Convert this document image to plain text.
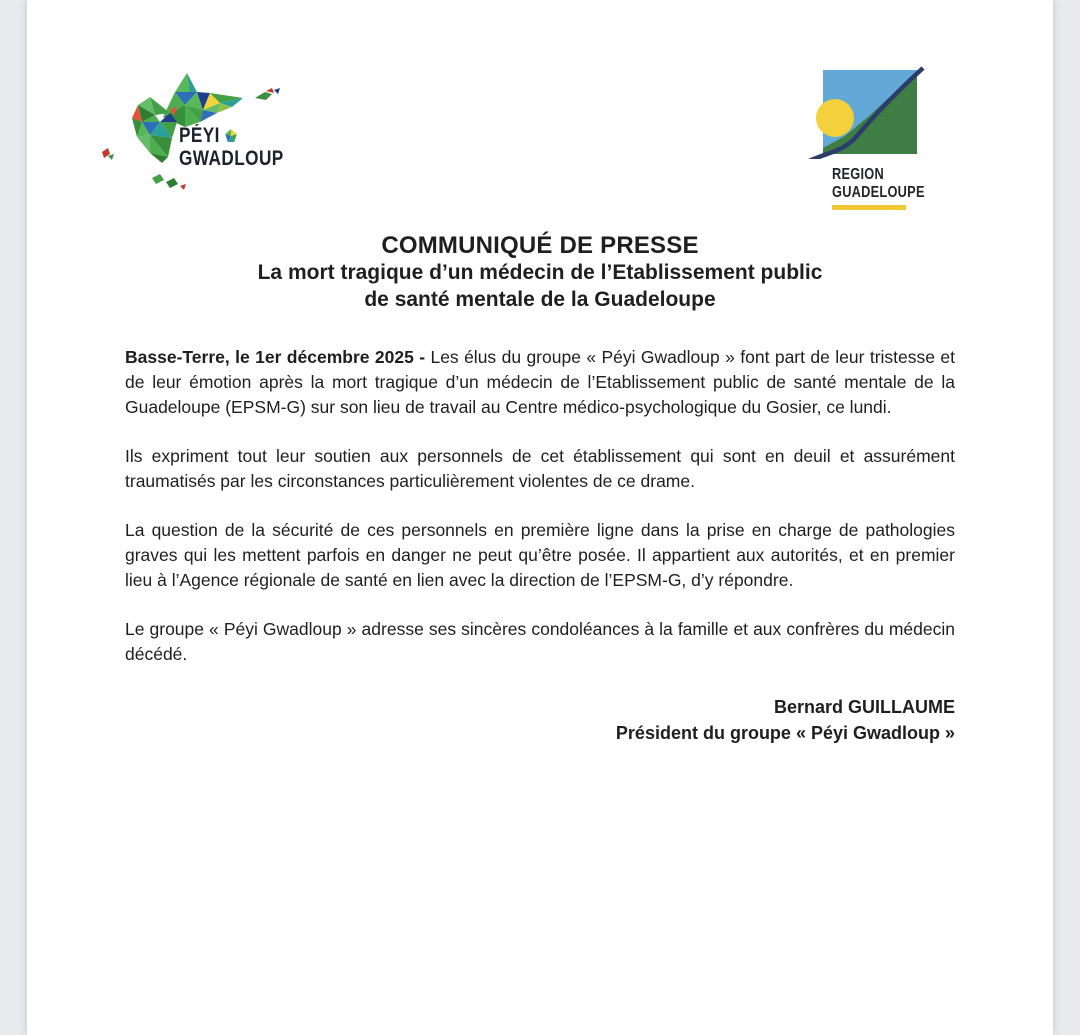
PÉYI
GWADLOUP
REGION
GUADELOUPE
COMMUNIQUÉ DE PRESSE
La mort tragique d’un médecin de l’Etablissement public
de santé mentale de la Guadeloupe

Basse-Terre, le 1er décembre 2025 - Les élus du groupe « Péyi Gwadloup » font part de leur tristesse et de leur émotion après la mort tragique d’un médecin de l’Etablissement public de santé mentale de la Guadeloupe (EPSM-G) sur son lieu de travail au Centre médico-psychologique du Gosier, ce lundi.

Ils expriment tout leur soutien aux personnels de cet établissement qui sont en deuil et assurément traumatisés par les circonstances particulièrement violentes de ce drame.

La question de la sécurité de ces personnels en première ligne dans la prise en charge de pathologies graves qui les mettent parfois en danger ne peut qu’être posée. Il appartient aux autorités, et en premier lieu à l’Agence régionale de santé en lien avec la direction de l’EPSM-G, d’y répondre.

Le groupe « Péyi Gwadloup » adresse ses sincères condoléances à la famille et aux confrères du médecin décédé.

Bernard GUILLAUME
Président du groupe « Péyi Gwadloup »
